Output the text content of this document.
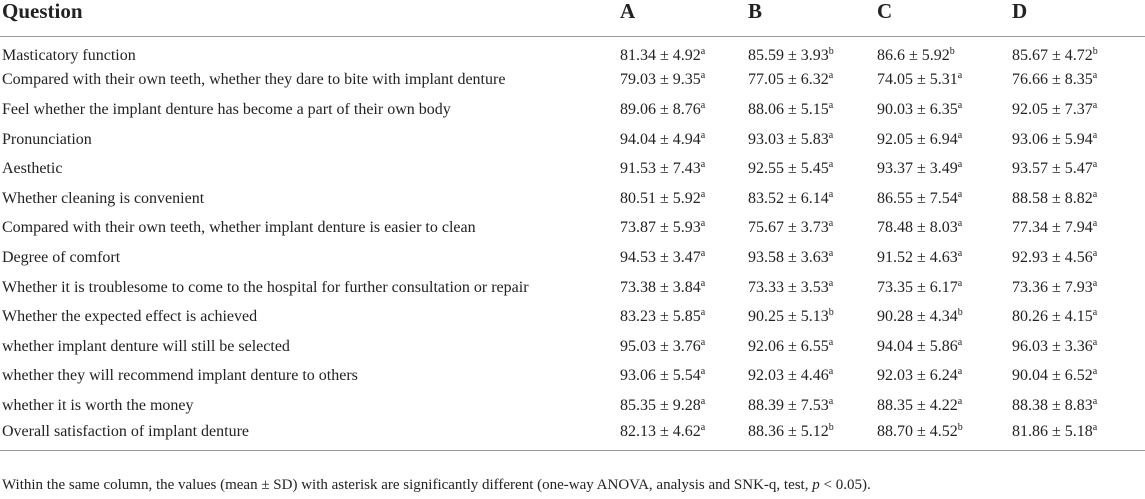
Question	A	B	C	D
Masticatory function	81.34 ± 4.92$^a$	85.59 ± 3.93$^b$	86.6 ± 5.92$^b$	85.67 ± 4.72$^b$
Compared with their own teeth, whether they dare to bite with implant denture	79.03 ± 9.35$^a$	77.05 ± 6.32$^a$	74.05 ± 5.31$^a$	76.66 ± 8.35$^a$
Feel whether the implant denture has become a part of their own body	89.06 ± 8.76$^a$	88.06 ± 5.15$^a$	90.03 ± 6.35$^a$	92.05 ± 7.37$^a$
Pronunciation	94.04 ± 4.94$^a$	93.03 ± 5.83$^a$	92.05 ± 6.94$^a$	93.06 ± 5.94$^a$
Aesthetic	91.53 ± 7.43$^a$	92.55 ± 5.45$^a$	93.37 ± 3.49$^a$	93.57 ± 5.47$^a$
Whether cleaning is convenient	80.51 ± 5.92$^a$	83.52 ± 6.14$^a$	86.55 ± 7.54$^a$	88.58 ± 8.82$^a$
Compared with their own teeth, whether implant denture is easier to clean	73.87 ± 5.93$^a$	75.67 ± 3.73$^a$	78.48 ± 8.03$^a$	77.34 ± 7.94$^a$
Degree of comfort	94.53 ± 3.47$^a$	93.58 ± 3.63$^a$	91.52 ± 4.63$^a$	92.93 ± 4.56$^a$
Whether it is troublesome to come to the hospital for further consultation or repair	73.38 ± 3.84$^a$	73.33 ± 3.53$^a$	73.35 ± 6.17$^a$	73.36 ± 7.93$^a$
Whether the expected effect is achieved	83.23 ± 5.85$^a$	90.25 ± 5.13$^b$	90.28 ± 4.34$^b$	80.26 ± 4.15$^a$
whether implant denture will still be selected	95.03 ± 3.76$^a$	92.06 ± 6.55$^a$	94.04 ± 5.86$^a$	96.03 ± 3.36$^a$
whether they will recommend implant denture to others	93.06 ± 5.54$^a$	92.03 ± 4.46$^a$	92.03 ± 6.24$^a$	90.04 ± 6.52$^a$
whether it is worth the money	85.35 ± 9.28$^a$	88.39 ± 7.53$^a$	88.35 ± 4.22$^a$	88.38 ± 8.83$^a$
Overall satisfaction of implant denture	82.13 ± 4.62$^a$	88.36 ± 5.12$^b$	88.70 ± 4.52$^b$	81.86 ± 5.18$^a$
Within the same column, the values (mean ± SD) with asterisk are significantly different (one-way ANOVA, analysis and SNK-q, test, p < 0.05).
